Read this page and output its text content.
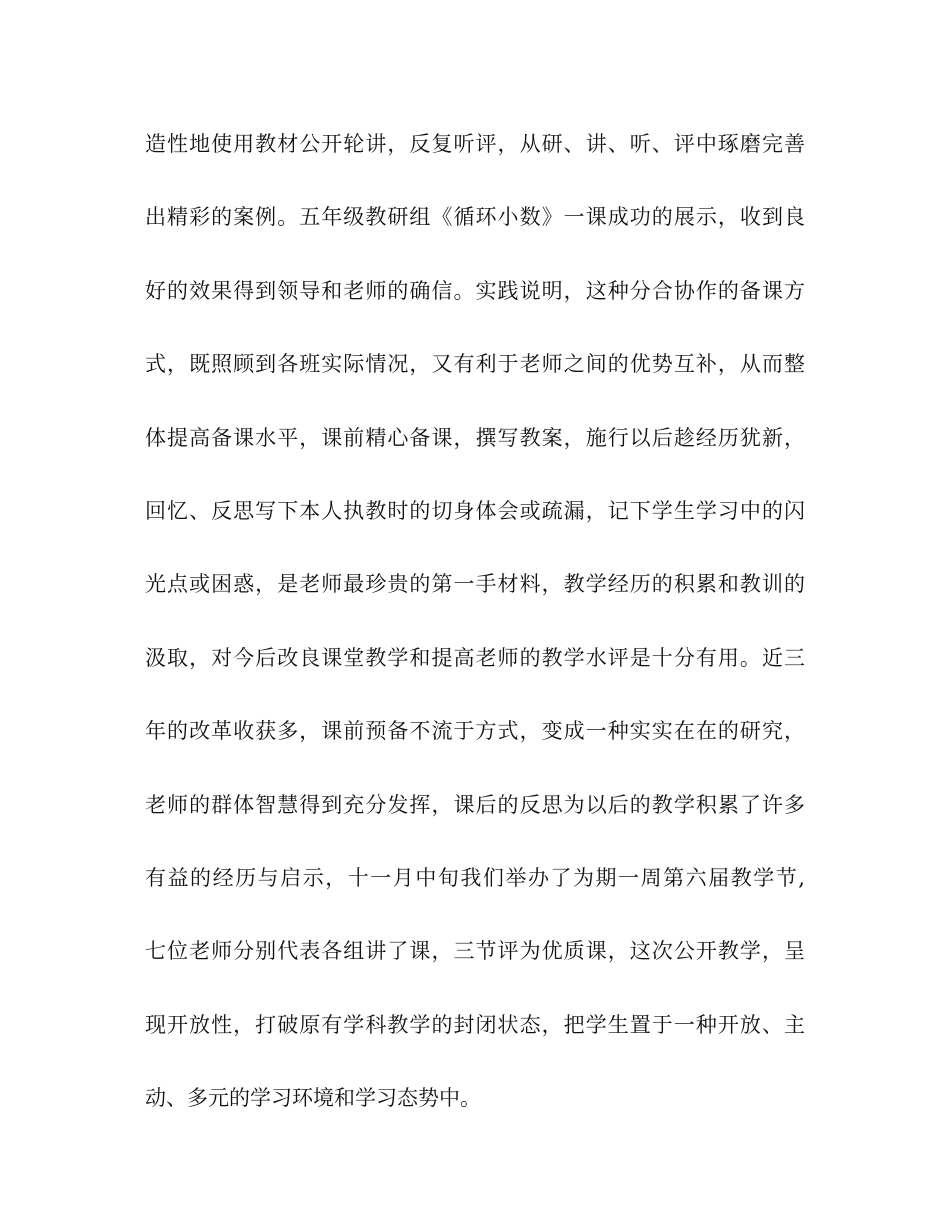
造性地使用教材公开轮讲，反复听评，从研、讲、听、评中琢磨完善
出精彩的案例。五年级教研组《循环小数》一课成功的展示，收到良
好的效果得到领导和老师的确信。实践说明，这种分合协作的备课方
式，既照顾到各班实际情况，又有利于老师之间的优势互补，从而整
体提高备课水平，课前精心备课，撰写教案，施行以后趁经历犹新，
回忆、反思写下本人执教时的切身体会或疏漏，记下学生学习中的闪
光点或困惑，是老师最珍贵的第一手材料，教学经历的积累和教训的
汲取，对今后改良课堂教学和提高老师的教学水评是十分有用。近三
年的改革收获多，课前预备不流于方式，变成一种实实在在的研究，
老师的群体智慧得到充分发挥，课后的反思为以后的教学积累了许多
有益的经历与启示，十一月中旬我们举办了为期一周第六届教学节,
七位老师分别代表各组讲了课，三节评为优质课，这次公开教学，呈
现开放性，打破原有学科教学的封闭状态，把学生置于一种开放、主
动、多元的学习环境和学习态势中。
